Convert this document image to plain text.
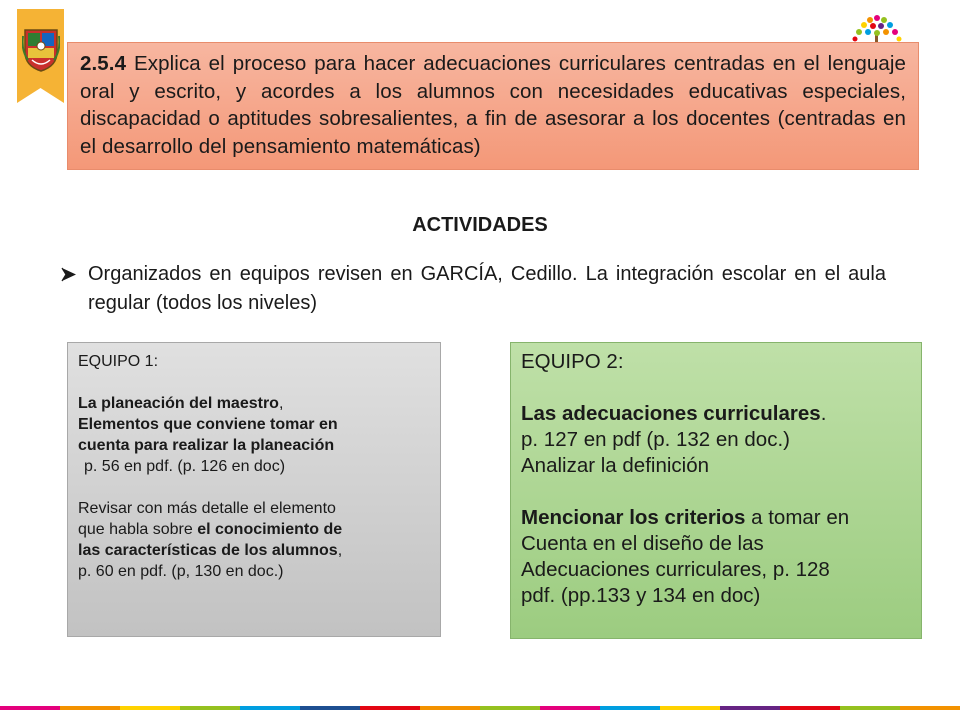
2.5.4 Explica el proceso para hacer adecuaciones curriculares centradas en el lenguaje oral y escrito, y acordes a los alumnos con necesidades educativas especiales, discapacidad o aptitudes sobresalientes, a fin de asesorar a los docentes (centradas en el desarrollo del pensamiento matemáticas)
ACTIVIDADES
Organizados en equipos revisen en GARCÍA, Cedillo. La integración escolar en el aula regular (todos los niveles)
EQUIPO 1:
La planeación del maestro,
Elementos que conviene tomar en
cuenta para realizar la planeación
p. 56 en pdf. (p. 126 en doc)
Revisar con más detalle el elemento
que habla sobre el conocimiento de
las características de los alumnos,
p. 60 en pdf. (p, 130 en doc.)
EQUIPO 2:
Las adecuaciones curriculares.
p. 127 en pdf (p. 132 en doc.)
Analizar la definición
Mencionar los criterios a tomar en
Cuenta en el diseño de las
Adecuaciones curriculares, p. 128
pdf. (pp.133 y 134 en doc)
